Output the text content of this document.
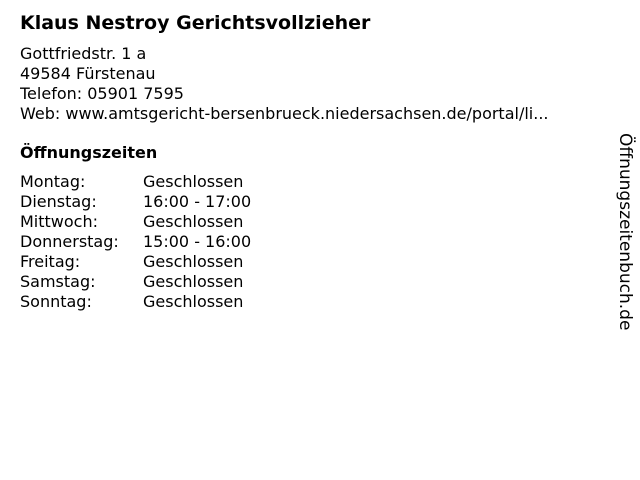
Klaus Nestroy Gerichtsvollzieher
Gottfriedstr. 1 a
49584 Fürstenau
Telefon: 05901 7595
Web: www.amtsgericht-bersenbrueck.niedersachsen.de/portal/li...
Öffnungszeiten
Montag:	Geschlossen
Dienstag:	16:00 - 17:00
Mittwoch:	Geschlossen
Donnerstag:	15:00 - 16:00
Freitag:	Geschlossen
Samstag:	Geschlossen
Sonntag:	Geschlossen	Öffnungszeitenbuch.de
